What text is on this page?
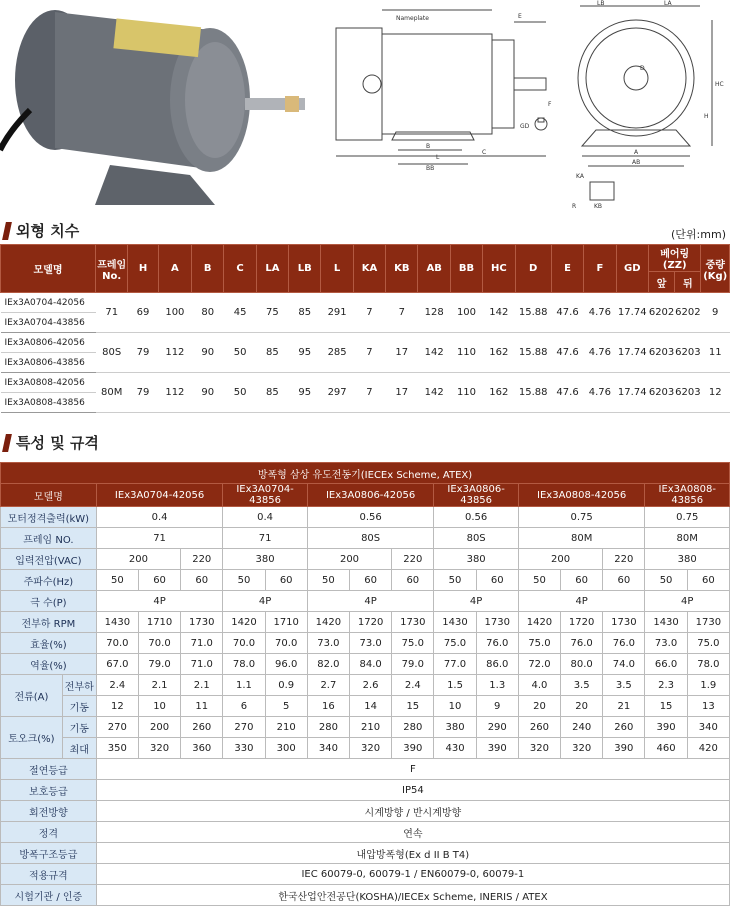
Nameplate	E
L
B
BB
C
F
GD
LB	LA
HC
H
A
AB
D
KA
KB
R
외형 치수	(단위:mm)
모델명	프레임 No.	H	A	B	C	LA	LB	L	KA	KB	AB	BB	HC	D	E	F	GD	베어링(ZZ)		중량 (Kg)
																		앞	뒤	
IEx3A0704-42056	71	69	100	80	45	75	85	291	7	7	128	100	142	15.88	47.6	4.76	17.74	6202	6202	9
IEx3A0704-43856																				
IEx3A0806-42056	80S	79	112	90	50	85	95	285	7	17	142	110	162	15.88	47.6	4.76	17.74	6203	6203	11
IEx3A0806-43856																				
IEx3A0808-42056	80M	79	112	90	50	85	95	297	7	17	142	110	162	15.88	47.6	4.76	17.74	6203	6203	12
IEx3A0808-43856																				
특성 및 규격
방폭형 삼상 유도전동기(IECEx Scheme, ATEX)																
모델명		IEx3A0704-42056			IEx3A0704-43856		IEx3A0806-42056			IEx3A0806-43856		IEx3A0808-42056			IEx3A0808-43856	
모터정격출력(kW)		0.4			0.4		0.56			0.56		0.75			0.75	
프레임 NO.		71			71		80S			80S		80M			80M	
입력전압(VAC)		200		220	380		200		220	380		200		220	380	
주파수(Hz)		50	60	60	50	60	50	60	60	50	60	50	60	60	50	60
극 수(P)		4P			4P		4P			4P		4P			4P	
전부하 RPM		1430	1710	1730	1420	1710	1420	1720	1730	1430	1730	1420	1720	1730	1430	1730
효율(%)		70.0	70.0	71.0	70.0	70.0	73.0	73.0	75.0	75.0	76.0	75.0	76.0	76.0	73.0	75.0
역율(%)		67.0	79.0	71.0	78.0	96.0	82.0	84.0	79.0	77.0	86.0	72.0	80.0	74.0	66.0	78.0
전류(A)	전부하	2.4	2.1	2.1	1.1	0.9	2.7	2.6	2.4	1.5	1.3	4.0	3.5	3.5	2.3	1.9
	기동	12	10	11	6	5	16	14	15	10	9	20	20	21	15	13
토오크(%)	기동	270	200	260	270	210	280	210	280	380	290	260	240	260	390	340
	최대	350	320	360	330	300	340	320	390	430	390	320	320	390	460	420
절연등급		F														
보호등급		IP54														
회전방향		시계방향 / 반시계방향														
정격		연속														
방폭구조등급		내압방폭형(Ex d II B T4)														
적용규격		IEC 60079-0, 60079-1 / EN60079-0, 60079-1														
시험기관 / 인증		한국산업안전공단(KOSHA)/IECEx Scheme, INERIS / ATEX														
